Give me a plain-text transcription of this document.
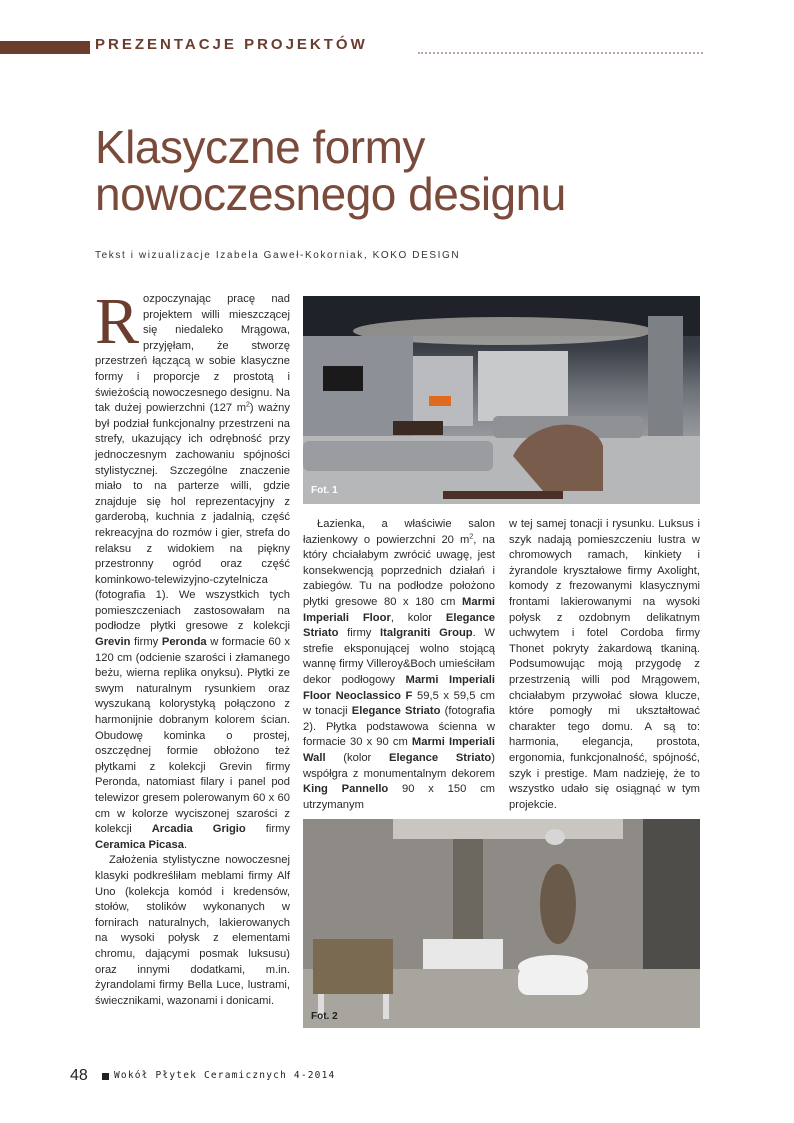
PREZENTACJE PROJEKTÓW
Klasyczne formy
nowoczesnego designu
Tekst i wizualizacje Izabela Gaweł-Kokorniak, KOKO DESIGN

Rozpoczynając pracę nad projektem willi mieszczącej się niedaleko Mrągowa, przyjęłam, że stworzę przestrzeń łączącą w sobie klasyczne formy i proporcje z prostotą i świeżością nowoczesnego designu. Na tak dużej powierzchni (127 $m^2$) ważny był podział funkcjonalny przestrzeni na strefy, ukazujący ich odrębność przy jednoczesnym zachowaniu spójności stylistycznej. Szczególne znaczenie miało to na parterze willi, gdzie znajduje się hol reprezentacyjny z garderobą, kuchnia z jadalnią, część rekreacyjna do rozmów i gier, strefa do relaksu z widokiem na piękny przestronny ogród oraz część kominkowo-telewizyjno-czytelnicza (fotografia 1). We wszystkich tych pomieszczeniach zastosowałam na podłodze płytki gresowe z kolekcji Grevin firmy Peronda w formacie 60 x 120 cm (odcienie szarości i złamanego beżu, wierna replika onyksu). Płytki ze swym naturalnym rysunkiem oraz wyszukaną kolorystyką połączono z harmonijnie dobranym kolorem ścian. Obudowę kominka o prostej, oszczędnej formie obłożono też płytkami z kolekcji Grevin firmy Peronda, natomiast filary i panel pod telewizor gresem polerowanym 60 x 60 cm w kolorze wyciszonej szarości z kolekcji Arcadia Grigio firmy Ceramica Picasa.

Założenia stylistyczne nowoczesnej klasyki podkreśliłam meblami firmy Alf Uno (kolekcja komód i kredensów, stołów, stolików wykonanych w fornirach naturalnych, lakierowanych na wysoki połysk z elementami chromu, dającymi posmak luksusu) oraz innymi dodatkami, m.in. żyrandolami firmy Bella Luce, lustrami, świecznikami, wazonami i donicami.

Fot. 1

Łazienka, a właściwie salon łazienkowy o powierzchni 20 $m^2$, na który chciałabym zwrócić uwagę, jest konsekwencją poprzednich działań i zabiegów. Tu na podłodze położono płytki gresowe 80 x 180 cm Marmi Imperiali Floor, kolor Elegance Striato firmy Italgraniti Group. W strefie eksponującej wolno stojącą wannę firmy Villeroy&Boch umieściłam dekor podłogowy Marmi Imperiali Floor Neoclassico F 59,5 x 59,5 cm w tonacji Elegance Striato (fotografia 2). Płytka podstawowa ścienna w formacie 30 x 90 cm Marmi Imperiali Wall (kolor Elegance Striato) współgra z monumentalnym dekorem King Pannello 90 x 150 cm utrzymanym

w tej samej tonacji i rysunku. Luksus i szyk nadają pomieszczeniu lustra w chromowych ramach, kinkiety i żyrandole kryształowe firmy Axolight, komody z frezowanymi klasycznymi frontami lakierowanymi na wysoki połysk z ozdobnym delikatnym uchwytem i fotel Cordoba firmy Thonet pokryty żakardową tkaniną. Podsumowując moją przygodę z przestrzenią willi pod Mrągowem, chciałabym przywołać słowa klucze, które pomogły mi ukształtować charakter tego domu. A są to: harmonia, elegancja, prostota, ergonomia, funkcjonalność, spójność, szyk i prestige. Mam nadzieję, że to wszystko udało się osiągnąć w tym projekcie.

Fot. 2
48	Wokół Płytek Ceramicznych 4-2014
